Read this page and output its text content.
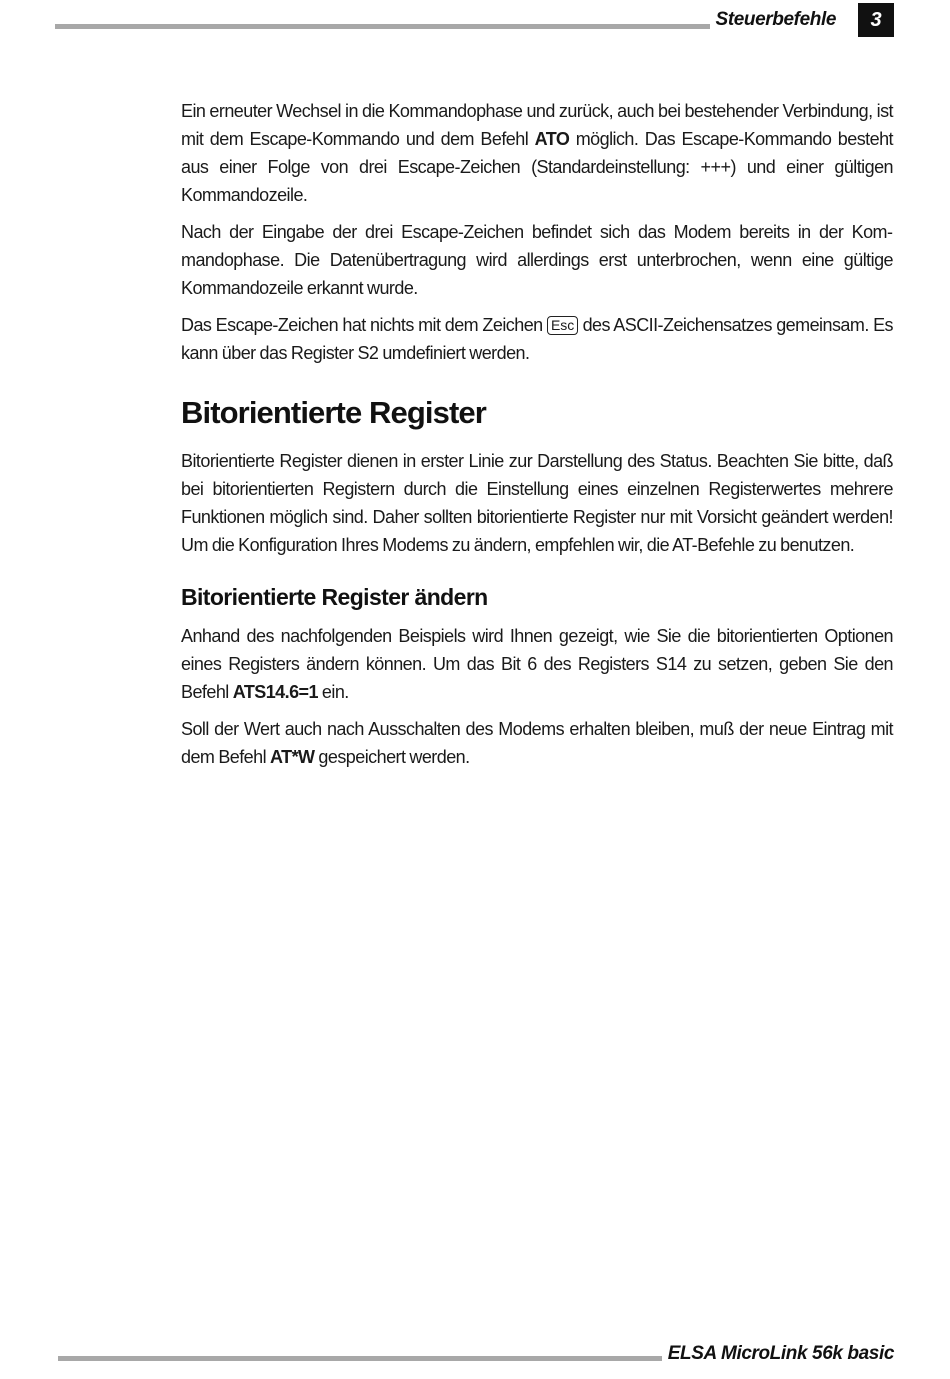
Steuerbefehle	3

Ein erneuter Wechsel in die Kommandophase und zurück, auch bei bestehender Verbindung, ist mit dem Escape-Kommando und dem Befehl ATO möglich. Das Escape-Kommando besteht aus einer Folge von drei Escape-Zeichen (Standardeinstellung: +++) und einer gültigen Kommandozeile.

Nach der Eingabe der drei Escape-Zeichen befindet sich das Modem bereits in der Kommandophase. Die Datenübertragung wird allerdings erst unterbrochen, wenn eine gültige Kommandozeile erkannt wurde.

Das Escape-Zeichen hat nichts mit dem Zeichen Esc des ASCII-Zeichensatzes gemeinsam. Es kann über das Register S2 umdefiniert werden.

Bitorientierte Register

Bitorientierte Register dienen in erster Linie zur Darstellung des Status. Beachten Sie bitte, daß bei bitorientierten Registern durch die Einstellung eines einzelnen Registerwertes mehrere Funktionen möglich sind. Daher sollten bitorientierte Register nur mit Vorsicht geändert werden! Um die Konfiguration Ihres Modems zu ändern, empfehlen wir, die AT-Befehle zu benutzen.

Bitorientierte Register ändern

Anhand des nachfolgenden Beispiels wird Ihnen gezeigt, wie Sie die bitorientierten Optionen eines Registers ändern können. Um das Bit 6 des Registers S14 zu setzen, geben Sie den Befehl ATS14.6=1 ein.

Soll der Wert auch nach Ausschalten des Modems erhalten bleiben, muß der neue Eintrag mit dem Befehl AT*W gespeichert werden.

ELSA MicroLink 56k basic
